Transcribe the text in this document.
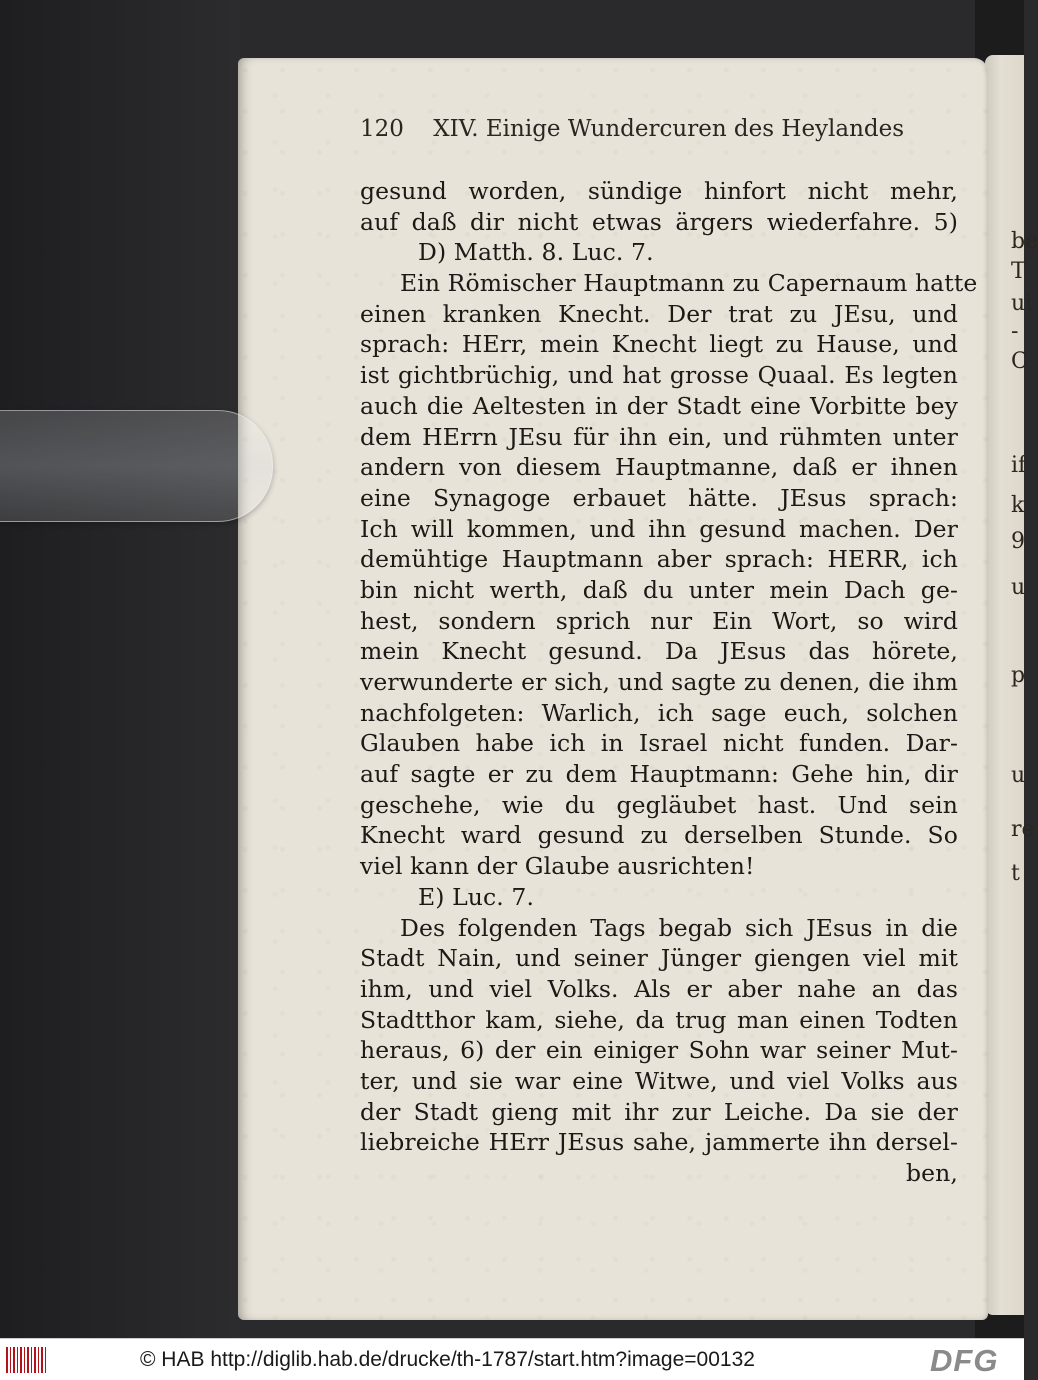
be
T
ui
-
C
if
k
9
u
p
u
re
t
120 XIV. Einige Wundercuren des Heylandes
gesund worden, sündige hinfort nicht mehr,
auf daß dir nicht etwas ärgers wiederfahre. 5)
D) Matth. 8. Luc. 7.
Ein Römischer Hauptmann zu Capernaum hatte
einen kranken Knecht. Der trat zu JEsu, und
sprach: HErr, mein Knecht liegt zu Hause, und
ist gichtbrüchig, und hat grosse Quaal. Es legten
auch die Aeltesten in der Stadt eine Vorbitte bey
dem HErrn JEsu für ihn ein, und rühmten unter
andern von diesem Hauptmanne, daß er ihnen
eine Synagoge erbauet hätte. JEsus sprach:
Ich will kommen, und ihn gesund machen. Der
demühtige Hauptmann aber sprach: HERR, ich
bin nicht werth, daß du unter mein Dach ge-
hest, sondern sprich nur Ein Wort, so wird
mein Knecht gesund. Da JEsus das hörete,
verwunderte er sich, und sagte zu denen, die ihm
nachfolgeten: Warlich, ich sage euch, solchen
Glauben habe ich in Israel nicht funden. Dar-
auf sagte er zu dem Hauptmann: Gehe hin, dir
geschehe, wie du gegläubet hast. Und sein
Knecht ward gesund zu derselben Stunde. So
viel kann der Glaube ausrichten!
E) Luc. 7.
Des folgenden Tags begab sich JEsus in die
Stadt Nain, und seiner Jünger giengen viel mit
ihm, und viel Volks. Als er aber nahe an das
Stadtthor kam, siehe, da trug man einen Todten
heraus, 6) der ein einiger Sohn war seiner Mut-
ter, und sie war eine Witwe, und viel Volks aus
der Stadt gieng mit ihr zur Leiche. Da sie der
liebreiche HErr JEsus sahe, jammerte ihn dersel-
ben,
© HAB http://diglib.hab.de/drucke/th-1787/start.htm?image=00132	DFG
